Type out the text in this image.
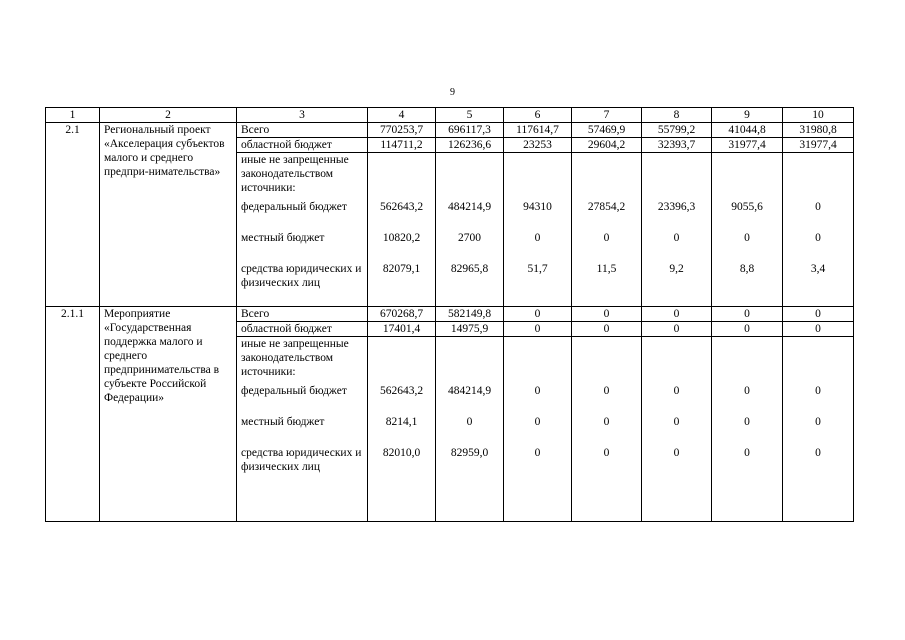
9
1	2	3	4	5	6	7	8	9	10
2.1	Региональный проект «Акселерация субъектов малого и среднего предпри-нимательства»	Всего	770253,7	696117,3	117614,7	57469,9	55799,2	41044,8	31980,8
		областной бюджет	114711,2	126236,6	23253	29604,2	32393,7	31977,4	31977,4
		иные не запрещенные законодательством источники:							
		федеральный бюджет	562643,2	484214,9	94310	27854,2	23396,3	9055,6	0
		местный бюджет	10820,2	2700	0	0	0	0	0
		средства юридических и физических лиц	82079,1	82965,8	51,7	11,5	9,2	8,8	3,4
2.1.1	Мероприятие «Государственная поддержка малого и среднего предпринимательства в субъекте Российской Федерации»	Всего	670268,7	582149,8	0	0	0	0	0
		областной бюджет	17401,4	14975,9	0	0	0	0	0
		иные не запрещенные законодательством источники:							
		федеральный бюджет	562643,2	484214,9	0	0	0	0	0
		местный бюджет	8214,1	0	0	0	0	0	0
		средства юридических и физических лиц	82010,0	82959,0	0	0	0	0	0
